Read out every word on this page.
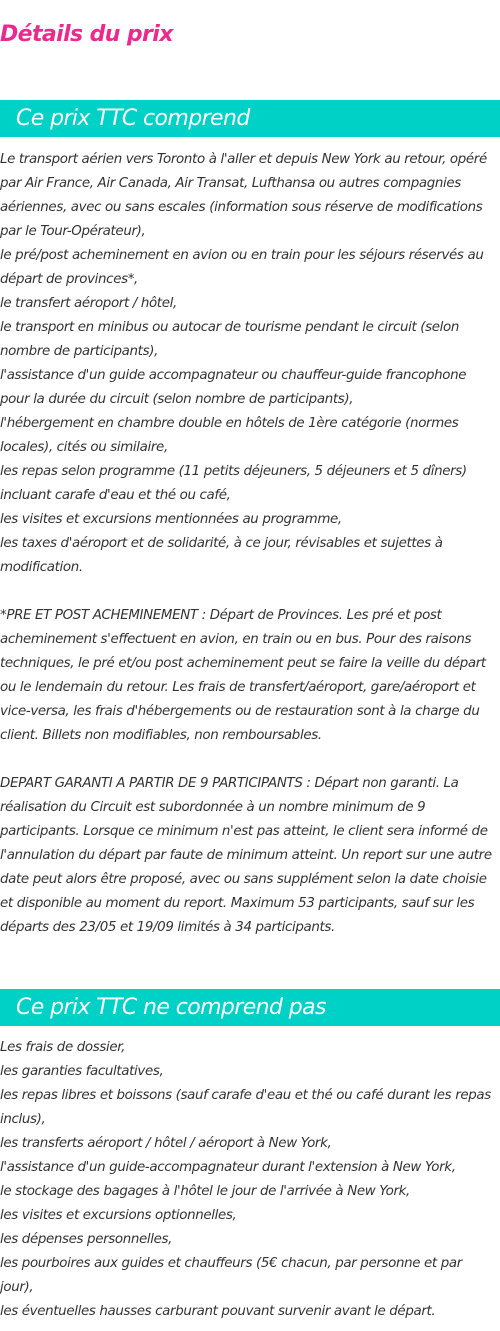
Détails du prix
Ce prix TTC comprend

Le transport aérien vers Toronto à l'aller et depuis New York au retour, opéré par Air France, Air Canada, Air Transat, Lufthansa ou autres compagnies aériennes, avec ou sans escales (information sous réserve de modifications par le Tour-Opérateur),

le pré/post acheminement en avion ou en train pour les séjours réservés au départ de provinces*,

le transfert aéroport / hôtel,

le transport en minibus ou autocar de tourisme pendant le circuit (selon nombre de participants),

l'assistance d'un guide accompagnateur ou chauffeur-guide francophone pour la durée du circuit (selon nombre de participants),

l'hébergement en chambre double en hôtels de 1ère catégorie (normes locales), cités ou similaire,

les repas selon programme (11 petits déjeuners, 5 déjeuners et 5 dîners) incluant carafe d'eau et thé ou café,

les visites et excursions mentionnées au programme,

les taxes d'aéroport et de solidarité, à ce jour, révisables et sujettes à modification.

*PRE ET POST ACHEMINEMENT : Départ de Provinces. Les pré et post acheminement s'effectuent en avion, en train ou en bus. Pour des raisons techniques, le pré et/ou post acheminement peut se faire la veille du départ ou le lendemain du retour. Les frais de transfert/aéroport, gare/aéroport et vice-versa, les frais d'hébergements ou de restauration sont à la charge du client. Billets non modifiables, non remboursables.

DEPART GARANTI A PARTIR DE 9 PARTICIPANTS : Départ non garanti. La réalisation du Circuit est subordonnée à un nombre minimum de 9 participants. Lorsque ce minimum n'est pas atteint, le client sera informé de l'annulation du départ par faute de minimum atteint. Un report sur une autre date peut alors être proposé, avec ou sans supplément selon la date choisie et disponible au moment du report. Maximum 53 participants, sauf sur les départs des 23/05 et 19/09 limités à 34 participants.

Ce prix TTC ne comprend pas

Les frais de dossier,

les garanties facultatives,

les repas libres et boissons (sauf carafe d'eau et thé ou café durant les repas inclus),

les transferts aéroport / hôtel / aéroport à New York,

l'assistance d'un guide-accompagnateur durant l'extension à New York,

le stockage des bagages à l'hôtel le jour de l'arrivée à New York,

les visites et excursions optionnelles,

les dépenses personnelles,

les pourboires aux guides et chauffeurs (5€ chacun, par personne et par jour),

les éventuelles hausses carburant pouvant survenir avant le départ.
